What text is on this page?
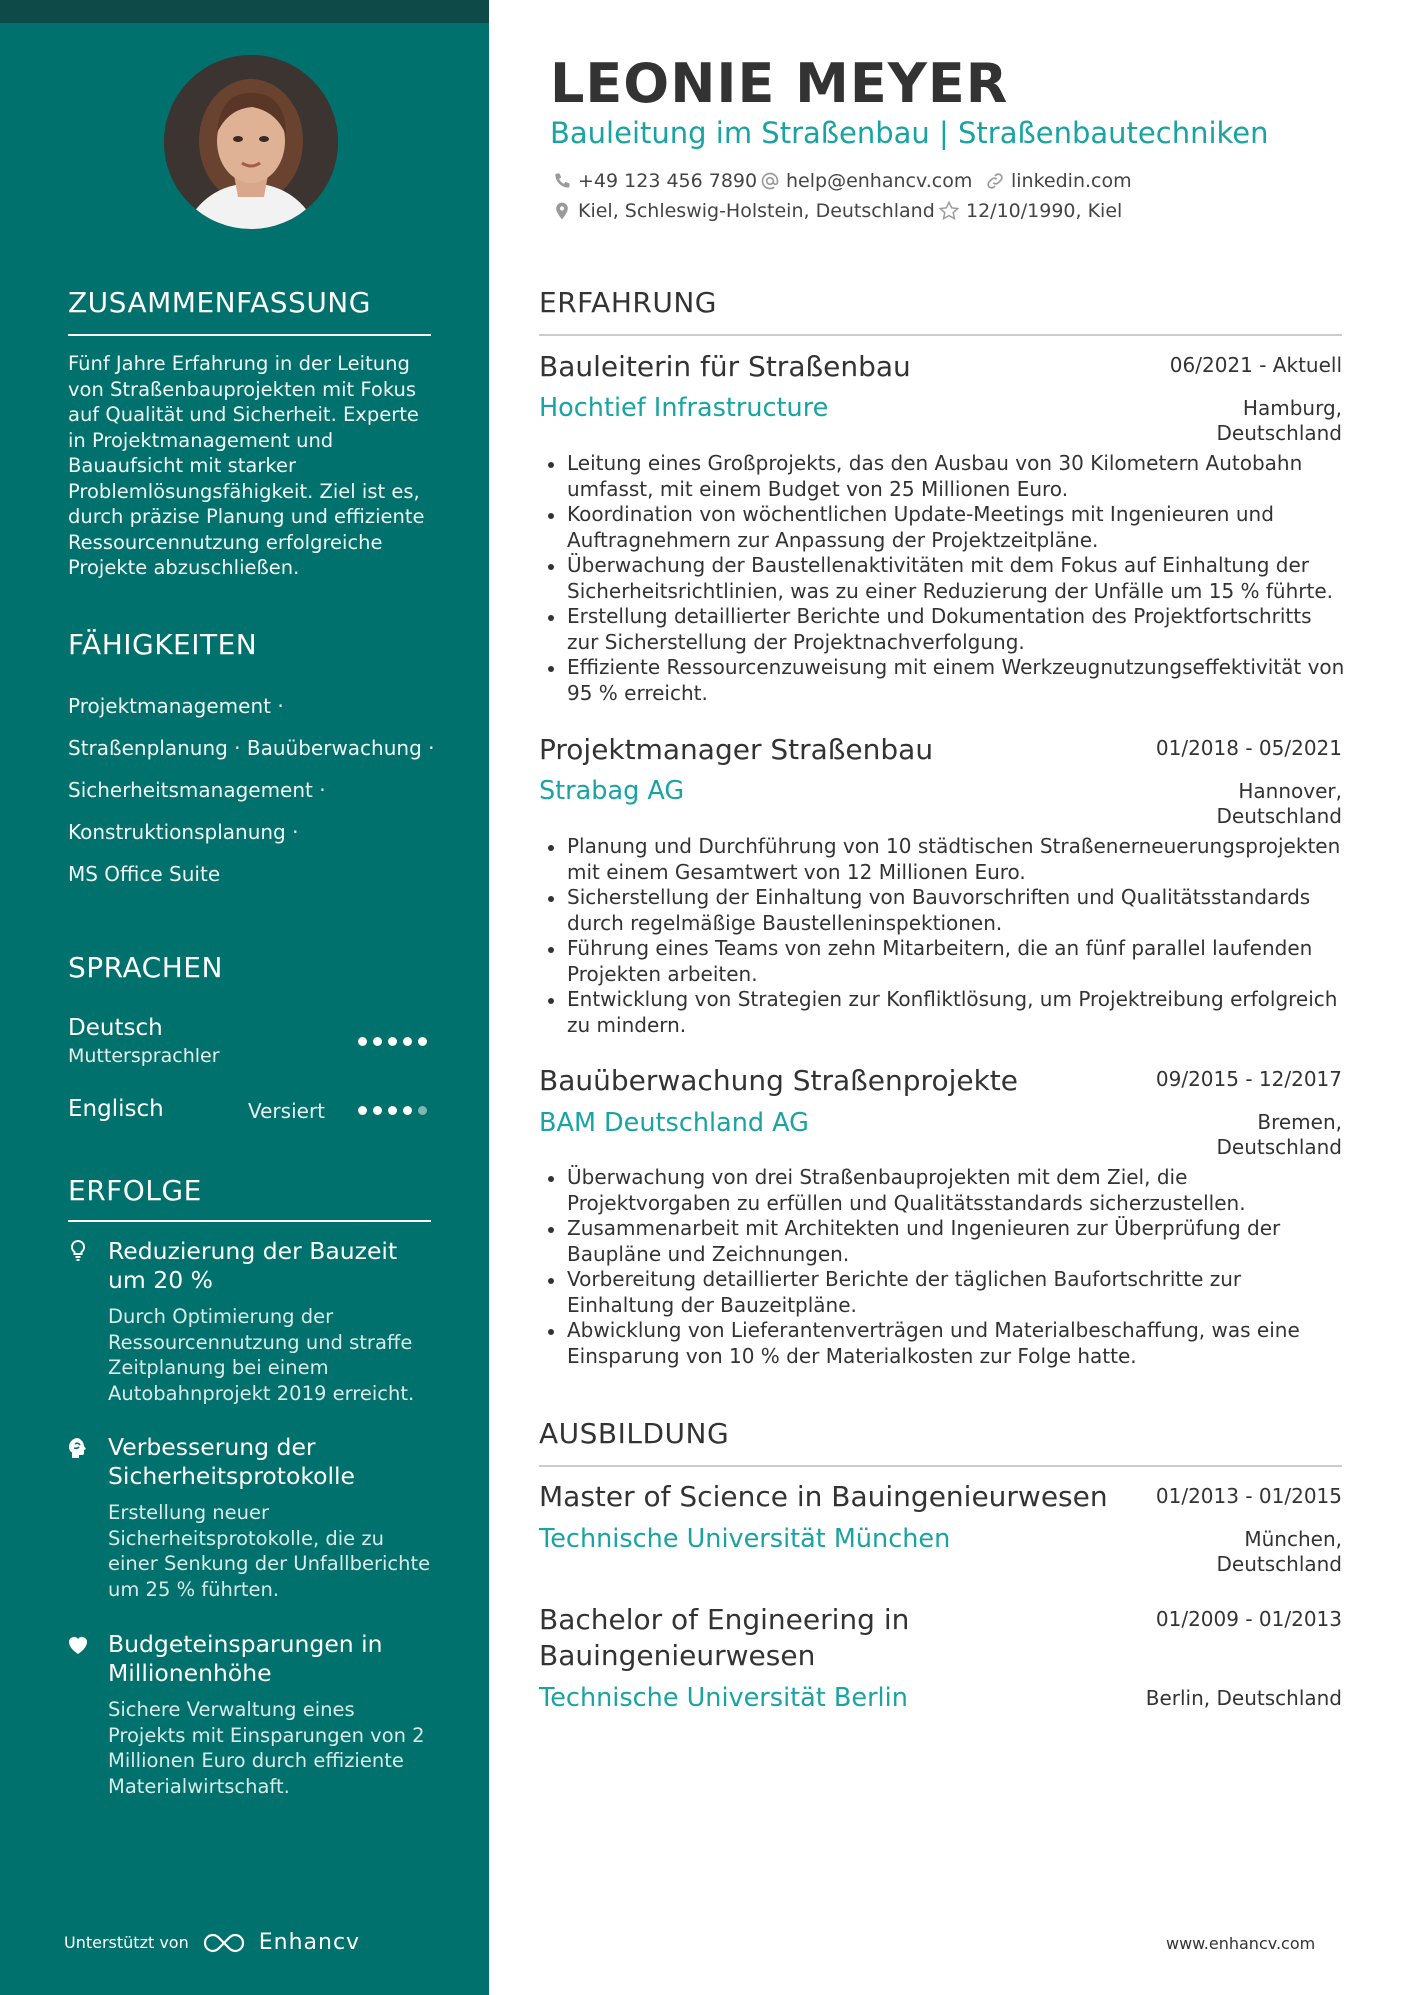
ZUSAMMENFASSUNG
Fünf Jahre Erfahrung in der Leitung von Straßenbauprojekten mit Fokus auf Qualität und Sicherheit. Experte in Projektmanagement und Bauaufsicht mit starker Problemlösungsfähigkeit. Ziel ist es, durch präzise Planung und effiziente Ressourcennutzung erfolgreiche Projekte abzuschließen.
FÄHIGKEITEN
Projektmanagement ·
Straßenplanung · Bauüberwachung ·
Sicherheitsmanagement ·
Konstruktionsplanung ·
MS Office Suite
SPRACHEN
Deutsch
Muttersprachler
Englisch	Versiert
ERFOLGE
Reduzierung der Bauzeit um 20 %
Durch Optimierung der Ressourcennutzung und straffe Zeitplanung bei einem Autobahnprojekt 2019 erreicht.
Verbesserung der Sicherheitsprotokolle
Erstellung neuer Sicherheitsprotokolle, die zu einer Senkung der Unfallberichte um 25 % führten.
Budgeteinsparungen in Millionenhöhe
Sichere Verwaltung eines Projekts mit Einsparungen von 2 Millionen Euro durch effiziente Materialwirtschaft.
Unterstützt von	Enhancv
LEONIE MEYER
Bauleitung im Straßenbau | Straßenbautechniken
+49 123 456 7890 help@enhancv.com linkedin.com
Kiel, Schleswig-Holstein, Deutschland 12/10/1990, Kiel
ERFAHRUNG
Bauleiterin für Straßenbau	06/2021 - Aktuell
Hochtief Infrastructure	Hamburg, Deutschland
Leitung eines Großprojekts, das den Ausbau von 30 Kilometern Autobahn umfasst, mit einem Budget von 25 Millionen Euro.
Koordination von wöchentlichen Update-Meetings mit Ingenieuren und Auftragnehmern zur Anpassung der Projektzeitpläne.
Überwachung der Baustellenaktivitäten mit dem Fokus auf Einhaltung der Sicherheitsrichtlinien, was zu einer Reduzierung der Unfälle um 15 % führte.
Erstellung detaillierter Berichte und Dokumentation des Projektfortschritts zur Sicherstellung der Projektnachverfolgung.
Effiziente Ressourcenzuweisung mit einem Werkzeugnutzungseffektivität von 95 % erreicht.
Projektmanager Straßenbau	01/2018 - 05/2021
Strabag AG	Hannover, Deutschland
Planung und Durchführung von 10 städtischen Straßenerneuerungsprojekten mit einem Gesamtwert von 12 Millionen Euro.
Sicherstellung der Einhaltung von Bauvorschriften und Qualitätsstandards durch regelmäßige Baustelleninspektionen.
Führung eines Teams von zehn Mitarbeitern, die an fünf parallel laufenden Projekten arbeiten.
Entwicklung von Strategien zur Konfliktlösung, um Projektreibung erfolgreich zu mindern.
Bauüberwachung Straßenprojekte	09/2015 - 12/2017
BAM Deutschland AG	Bremen, Deutschland
Überwachung von drei Straßenbauprojekten mit dem Ziel, die Projektvorgaben zu erfüllen und Qualitätsstandards sicherzustellen.
Zusammenarbeit mit Architekten und Ingenieuren zur Überprüfung der Baupläne und Zeichnungen.
Vorbereitung detaillierter Berichte der täglichen Baufortschritte zur Einhaltung der Bauzeitpläne.
Abwicklung von Lieferantenverträgen und Materialbeschaffung, was eine Einsparung von 10 % der Materialkosten zur Folge hatte.
AUSBILDUNG
Master of Science in Bauingenieurwesen	01/2013 - 01/2015
Technische Universität München	München, Deutschland
Bachelor of Engineering in Bauingenieurwesen
01/2009 - 01/2013
Technische Universität Berlin	Berlin, Deutschland
www.enhancv.com
